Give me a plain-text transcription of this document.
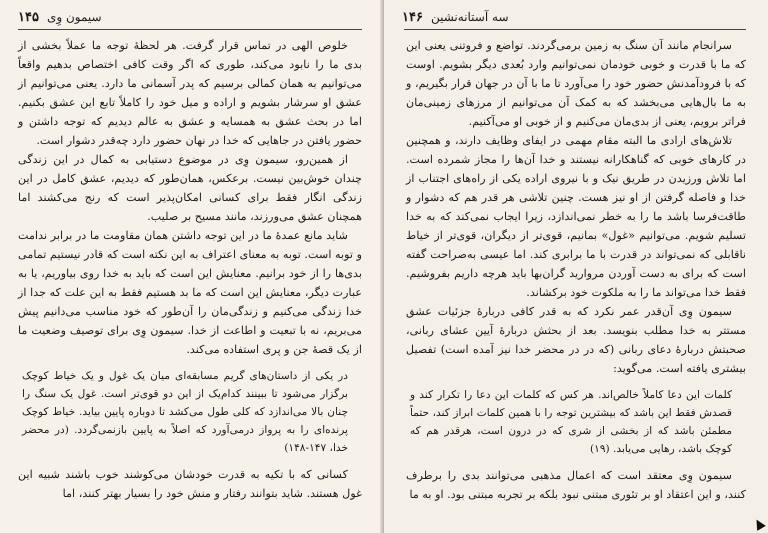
۱۴۵ سیمون وِی

خلوص الهی در تماس قرار گرفت. هر لحظهٔ توجه ما عملاً بخشی از بدی ما را نابود می‌کند، طوری که اگر وقت کافی اختصاص بدهیم واقعاً می‌توانیم به همان کمالی برسیم که پدر آسمانی ما دارد. یعنی می‌توانیم از عشق او سرشار بشویم و اراده و میل خود را کاملاً تابع این عشق بکنیم. اما در بحث عشق به همسایه و عشق به عالم دیدیم که توجه داشتن و حضور یافتن در جاهایی که خدا در نهان حضور دارد چه‌قدر دشوار است.

از همین‌رو، سیمون وِی در موضوع دستیابی به کمال در این زندگی چندان خوش‌بین نیست. برعکس، همان‌طور که دیدیم، عشق کامل در این زندگی انگار فقط برای کسانی امکان‌پذیر است که رنج می‌کشند اما همچنان عشق می‌ورزند، مانند مسیح بر صلیب.

شاید مانع عمدهٔ ما در این توجه داشتن همان مقاومت ما در برابر ندامت و توبه است. توبه به معنای اعتراف به این نکته است که قادر نیستیم تمامی بدی‌ها را از خود برانیم. معنایش این است که باید به خدا روی بیاوریم، یا به عبارت دیگر، معنایش این است که ما بد هستیم فقط به این علت که جدا از خدا زندگی می‌کنیم و زندگی‌مان را آن‌طور که خود مناسب می‌دانیم پیش می‌بریم، نه با تبعیت و اطاعت از خدا. سیمون وِی برای توصیف وضعیت ما از یک قصهٔ جن و پری استفاده می‌کند.

در یکی از داستان‌های گریم مسابقه‌ای میان یک غول و یک خیاط کوچک برگزار می‌شود تا ببینند کدام‌یک از این دو قوی‌تر است. غول یک سنگ را چنان بالا می‌اندازد که کلی طول می‌کشد تا دوباره پایین بیاید. خیاط کوچک پرنده‌ای را به پرواز درمی‌آورد که اصلاً به پایین بازنمی‌گردد. (در محضر خدا، ۱۴۷-۱۴۸)

کسانی که با تکیه به قدرت خودشان می‌کوشند خوب باشند شبیه این غول هستند. شاید بتوانند رفتار و منش خود را بسیار بهتر کنند، اما

۱۴۶ سه آستانه‌نشین

سرانجام مانند آن سنگ به زمین برمی‌گردند. تواضع و فروتنی یعنی این که ما با قدرت و خوبی خودمان نمی‌توانیم وارد بُعدی دیگر بشویم. اوست که با فرودآمدنش حضور خود را می‌آورد تا ما با آن در جهان قرار بگیریم، و به ما بال‌هایی می‌بخشد که به کمک آن می‌توانیم از مرزهای زمینی‌مان فراتر برویم، یعنی از بدی‌مان می‌کنیم و از خوبی او می‌آکنیم.

تلاش‌های ارادی ما البته مقام مهمی در ایفای وظایف دارند، و همچنین در کارهای خوبی که گناهکارانه نیستند و خدا آن‌ها را مجاز شمرده است. اما تلاش ورزیدن در طریق نیک و با نیروی اراده یکی از راه‌های اجتناب از خدا و فاصله گرفتن از او نیز هست. چنین تلاشی هر قدر هم که دشوار و طاقت‌فرسا باشد ما را به خطر نمی‌اندازد، زیرا ایجاب نمی‌کند که به خدا تسلیم شویم. می‌توانیم «غول» بمانیم، قوی‌تر از دیگران، قوی‌تر از خیاط ناقابلی که نمی‌تواند در قدرت با ما برابری کند. اما عیسی به‌صراحت گفته است که برای به دست آوردن مروارید گران‌بها باید هرچه داریم بفروشیم. فقط خدا می‌تواند ما را به ملکوت خود برکشاند.

سیمون وِی آن‌قدر عمر نکرد که به قدر کافی دربارهٔ جزئیات عشق مستتر به خدا مطلب بنویسد. بعد از بحثش دربارهٔ آیین عشای ربانی، صحبتش دربارهٔ دعای ربانی (که در در محضر خدا نیز آمده است) تفصیل بیشتری یافته است. می‌گوید:

کلمات این دعا کاملاً خالص‌اند. هر کس که کلمات این دعا را تکرار کند و قصدش فقط این باشد که بیشترین توجه را با همین کلمات ابراز کند، حتماً مطمئن باشد که از بخشی از شری که در درون است، هرقدر هم که کوچک باشد، رهایی می‌یابد. (۱۹)

سیمون وِی معتقد است که اعمال مذهبی می‌توانند بدی را برطرف کنند، و این اعتقاد او بر تئوری مبتنی نبود بلکه بر تجربه مبتنی بود. او به ما
